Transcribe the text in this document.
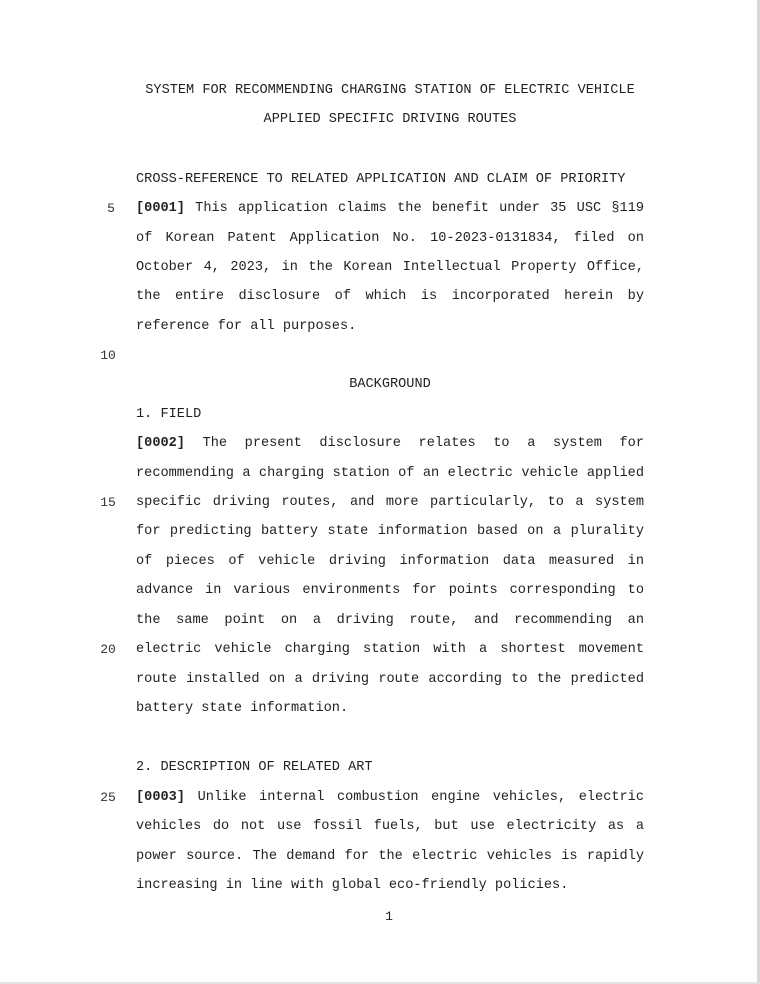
SYSTEM FOR RECOMMENDING CHARGING STATION OF ELECTRIC VEHICLE
APPLIED SPECIFIC DRIVING ROUTES
CROSS-REFERENCE TO RELATED APPLICATION AND CLAIM OF PRIORITY
[0001] This application claims the benefit under 35 USC §119
of Korean Patent Application No. 10-2023-0131834, filed on
October 4, 2023, in the Korean Intellectual Property Office,
the entire disclosure of which is incorporated herein by
reference for all purposes.
BACKGROUND
1. FIELD
[0002] The present disclosure relates to a system for
recommending a charging station of an electric vehicle applied
specific driving routes, and more particularly, to a system
for predicting battery state information based on a plurality
of pieces of vehicle driving information data measured in
advance in various environments for points corresponding to
the same point on a driving route, and recommending an
electric vehicle charging station with a shortest movement
route installed on a driving route according to the predicted
battery state information.
2. DESCRIPTION OF RELATED ART
[0003] Unlike internal combustion engine vehicles, electric
vehicles do not use fossil fuels, but use electricity as a
power source. The demand for the electric vehicles is rapidly
increasing in line with global eco-friendly policies.
5
10
15
20
25
1
